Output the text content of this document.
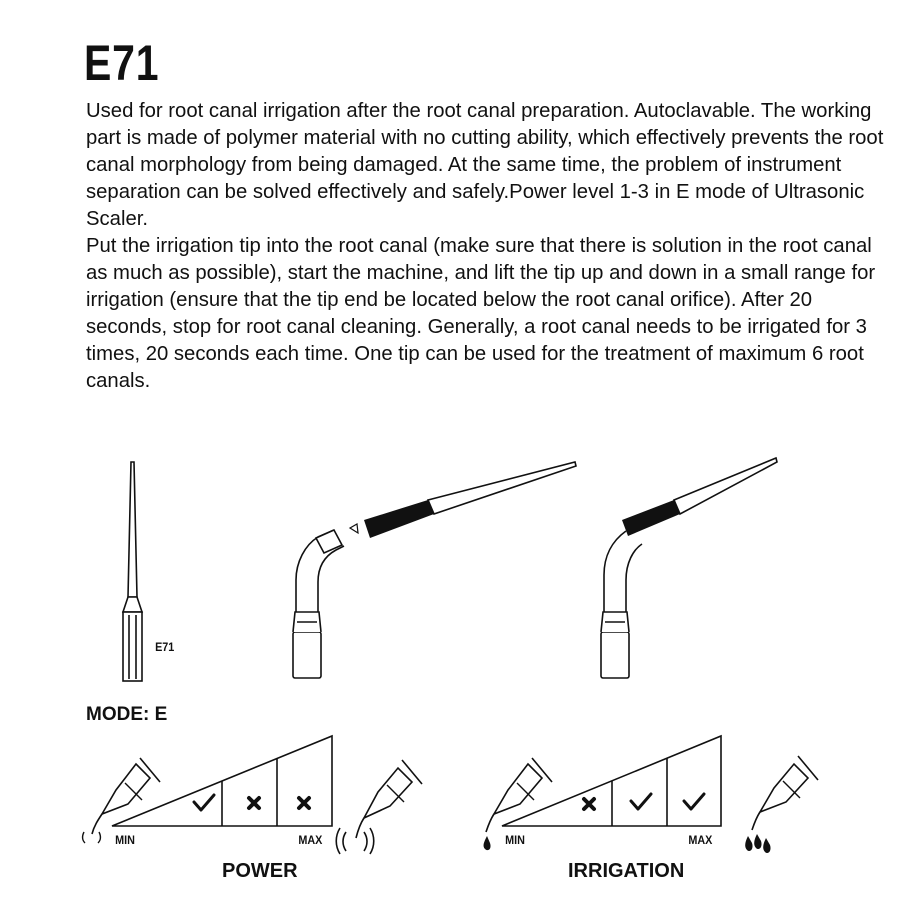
E71

Used for root canal irrigation after the root canal preparation. Autoclavable. The working part is made of polymer material with no cutting ability, which effectively prevents the root canal morphology from being damaged. At the same time, the problem of instrument separation can be solved effectively and safely.Power level 1-3 in E mode of Ultrasonic Scaler.

Put the irrigation tip into the root canal (make sure that there is solution in the root canal as much as possible), start the machine, and lift the tip up and down in a small range for irrigation (ensure that the tip end be located below the root canal orifice). After 20 seconds, stop for root canal cleaning. Generally, a root canal needs to be irrigated for 3 times, 20 seconds each time. One tip can be used for the treatment of maximum 6 root canals.

E71
MODE: E
MIN	MAX
POWER
MIN	MAX
IRRIGATION
